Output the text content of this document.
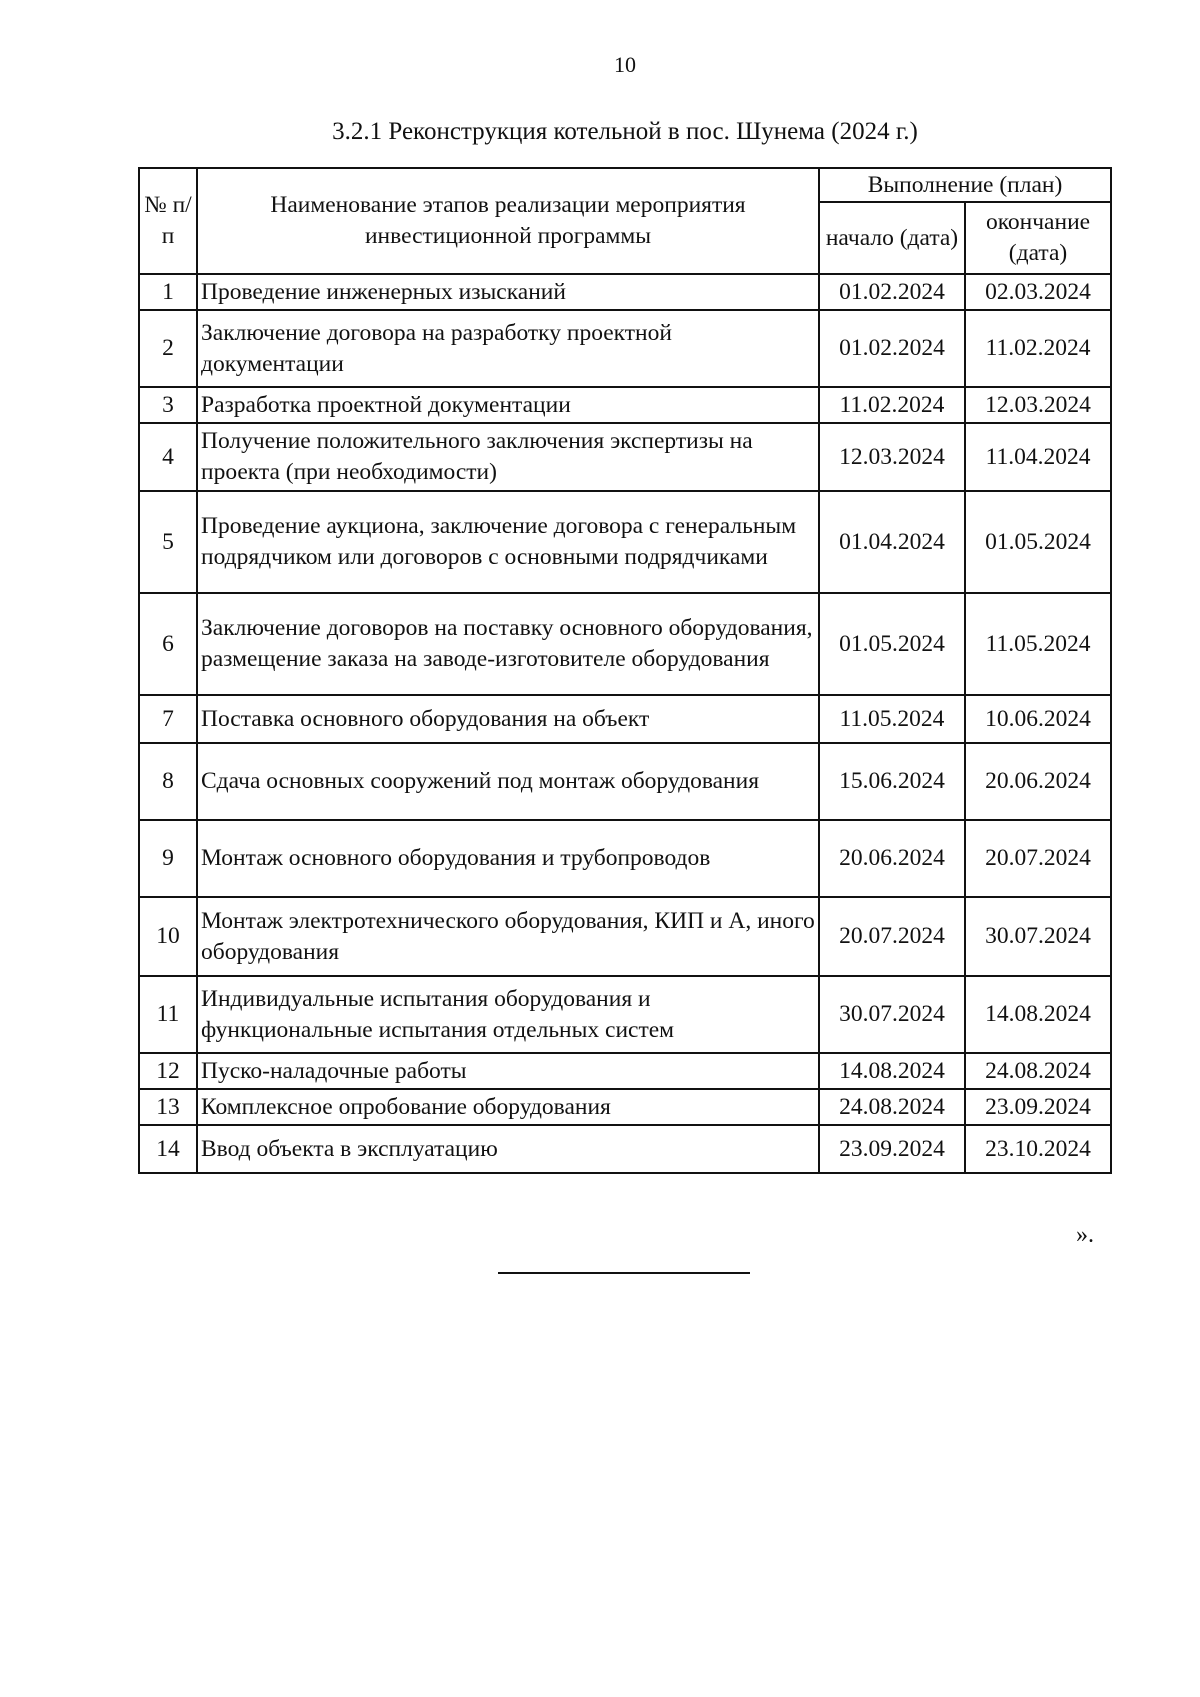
10
3.2.1 Реконструкция котельной в пос. Шунема (2024 г.)
№ п/п	Наименование этапов реализации мероприятия инвестиционной программы	Выполнение (план)	
		начало (дата)	окончание (дата)
1	Проведение инженерных изысканий	01.02.2024	02.03.2024
2	Заключение договора на разработку проектной документации	01.02.2024	11.02.2024
3	Разработка проектной документации	11.02.2024	12.03.2024
4	Получение положительного заключения экспертизы на проекта (при необходимости)	12.03.2024	11.04.2024
5	Проведение аукциона, заключение договора с генеральным подрядчиком или договоров с основными подрядчиками	01.04.2024	01.05.2024
6	Заключение договоров на поставку основного оборудования, размещение заказа на заводе-изготовителе оборудования	01.05.2024	11.05.2024
7	Поставка основного оборудования на объект	11.05.2024	10.06.2024
8	Сдача основных сооружений под монтаж оборудования	15.06.2024	20.06.2024
9	Монтаж основного оборудования и трубопроводов	20.06.2024	20.07.2024
10	Монтаж электротехнического оборудования, КИП и А, иного оборудования	20.07.2024	30.07.2024
11	Индивидуальные испытания оборудования и функциональные испытания отдельных систем	30.07.2024	14.08.2024
12	Пуско-наладочные работы	14.08.2024	24.08.2024
13	Комплексное опробование оборудования	24.08.2024	23.09.2024
14	Ввод объекта в эксплуатацию	23.09.2024	23.10.2024
».
